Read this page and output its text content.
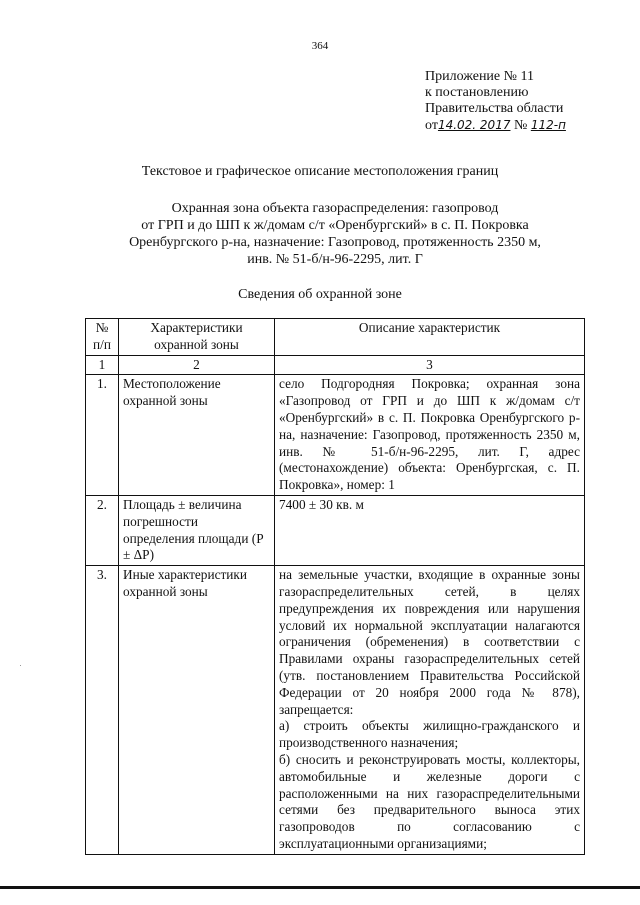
364
Приложение № 11
к постановлению
Правительства области
от14.02. 2017 № 112-п
Текстовое и графическое описание местоположения границ
Охранная зона объекта газораспределения: газопровод
от ГРП и до ШП к ж/домам с/т «Оренбургский» в с. П. Покровка
Оренбургского р-на, назначение: Газопровод, протяженность 2350 м,
инв. № 51-б/н-96-2295, лит. Г
Сведения об охранной зоне
№ п/п	Характеристики охранной зоны	Описание характеристик
1	2	3
1.	Местоположение охранной зоны	село Подгородняя Покровка; охранная зона «Газопровод от ГРП и до ШП к ж/домам с/т «Оренбургский» в с. П. Покровка Оренбургского р-на, назначение: Газопровод, протяженность 2350 м, инв. № 51-б/н-96-2295, лит. Г, адрес (местонахождение) объекта: Оренбургская, с. П. Покровка», номер: 1

2.	Площадь ± величина погрешности определения площади (Р ± ΔР)	7400 ± 30 кв. м

3.	Иные характеристики охранной зоны	на земельные участки, входящие в охранные зоны газораспределительных сетей, в целях предупреждения их повреждения или нарушения условий их нормальной эксплуатации налагаются ограничения (обременения) в соответствии с Правилами охраны газораспределительных сетей (утв. постановлением Правительства Российской Федерации от 20 ноября 2000 года № 878), запрещается:
а) строить объекты жилищно-гражданского и производственного назначения;
б) сносить и реконструировать мосты, коллекторы, автомобильные и железные дороги с расположенными на них газораспределительными сетями без предварительного выноса этих газопроводов по согласованию с эксплуатационными организациями;
